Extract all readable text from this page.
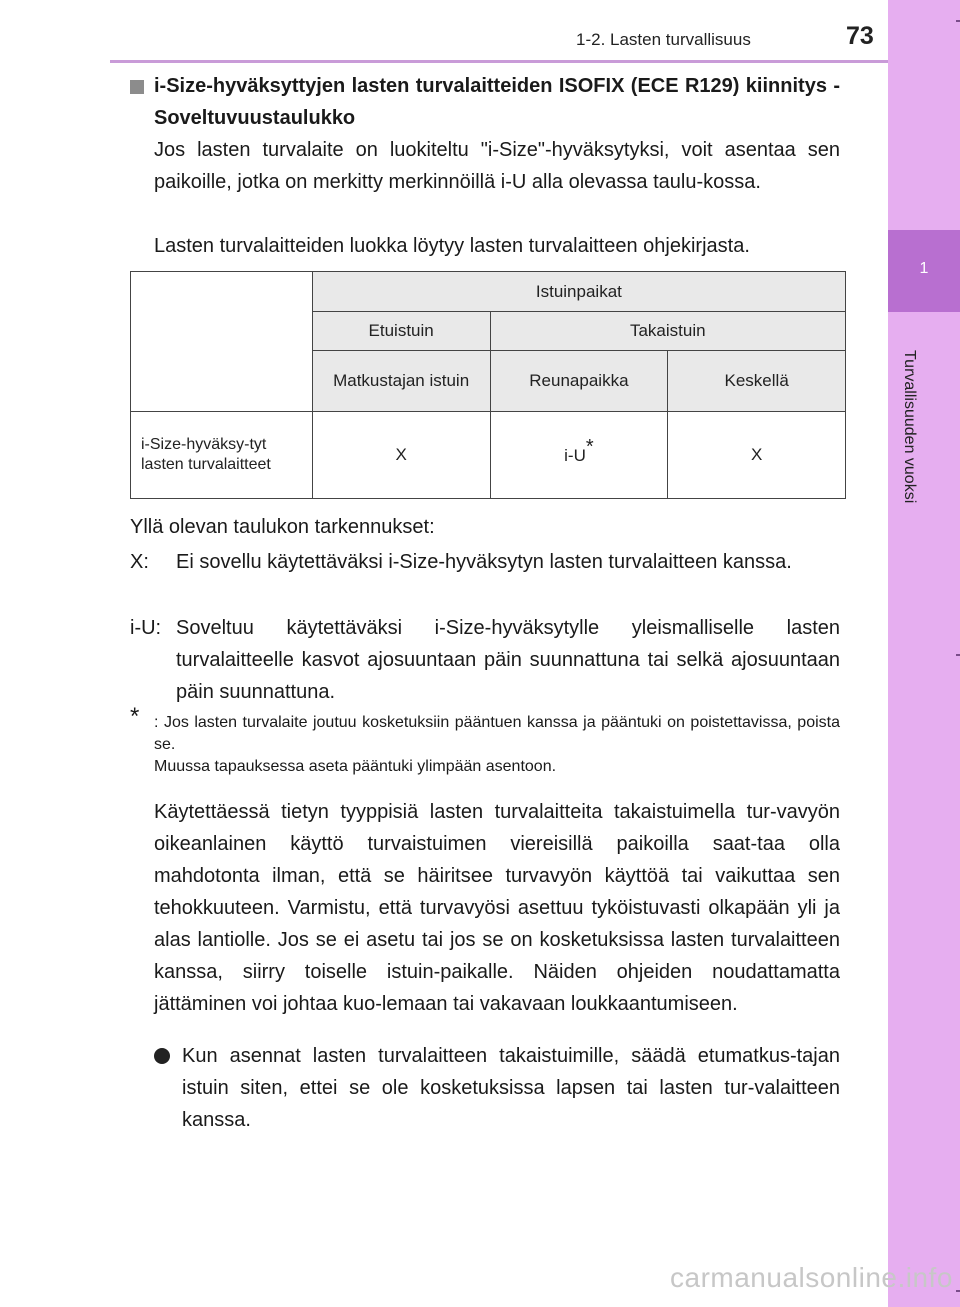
1
Turvallisuuden vuoksi
1-2. Lasten turvallisuus	73
i-Size-hyväksyttyjen lasten turvalaitteiden ISOFIX (ECE R129) kiinnitys - Soveltuvuustaulukko
Jos lasten turvalaite on luokiteltu "i-Size"-hyväksytyksi, voit asentaa sen paikoille, jotka on merkitty merkinnöillä i-U alla olevassa taulu-kossa.
Lasten turvalaitteiden luokka löytyy lasten turvalaitteen ohjekirjasta.
	Istuinpaikat		
	Etuistuin	Takaistuin	
	Matkustajan istuin	Reunapaikka	Keskellä
i-Size-hyväksy-tyt lasten turvalaitteet	X	i-U*	X
Yllä olevan taulukon tarkennukset:
X: Ei sovellu käytettäväksi i-Size-hyväksytyn lasten turvalaitteen kanssa.
i-U: Soveltuu käytettäväksi i-Size-hyväksytylle yleismalliselle lasten turvalaitteelle kasvot ajosuuntaan päin suunnattuna tai selkä ajosuuntaan päin suunnattuna.
* : Jos lasten turvalaite joutuu kosketuksiin pääntuen kanssa ja pääntuki on poistettavissa, poista se.
Muussa tapauksessa aseta pääntuki ylimpään asentoon.
Käytettäessä tietyn tyyppisiä lasten turvalaitteita takaistuimella tur-vavyön oikeanlainen käyttö turvaistuimen viereisillä paikoilla saat-taa olla mahdotonta ilman, että se häiritsee turvavyön käyttöä tai vaikuttaa sen tehokkuuteen. Varmistu, että turvavyösi asettuu tyköistuvasti olkapään yli ja alas lantiolle. Jos se ei asetu tai jos se on kosketuksissa lasten turvalaitteen kanssa, siirry toiselle istuin-paikalle. Näiden ohjeiden noudattamatta jättäminen voi johtaa kuo-lemaan tai vakavaan loukkaantumiseen.
Kun asennat lasten turvalaitteen takaistuimille, säädä etumatkus-tajan istuin siten, ettei se ole kosketuksissa lapsen tai lasten tur-valaitteen kanssa.
carmanualsonline.info
